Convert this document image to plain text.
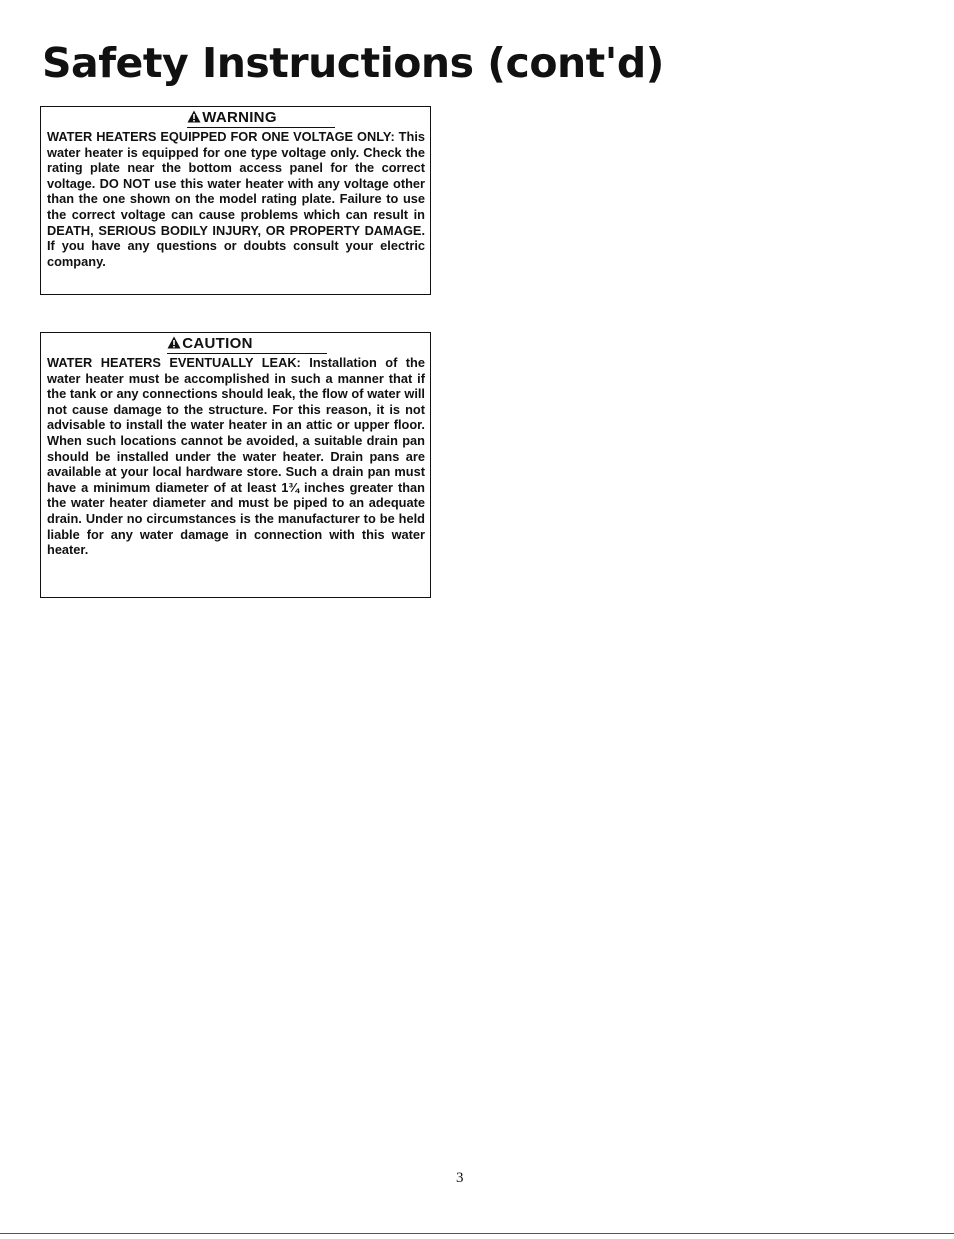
Safety Instructions (cont'd)
WARNING

WATER HEATERS EQUIPPED FOR ONE VOLTAGE ONLY: This water heater is equipped for one type voltage only. Check the rating plate near the bottom access panel for the correct voltage. DO NOT use this water heater with any voltage other than the one shown on the model rating plate. Failure to use the correct voltage can cause problems which can result in DEATH, SERIOUS BODILY INJURY, OR PROPERTY DAMAGE. If you have any questions or doubts consult your electric company.

CAUTION

WATER HEATERS EVENTUALLY LEAK: Installation of the water heater must be accomplished in such a manner that if the tank or any connections should leak, the flow of water will not cause damage to the structure. For this reason, it is not advisable to install the water heater in an attic or upper floor. When such locations cannot be avoided, a suitable drain pan should be installed under the water heater. Drain pans are available at your local hardware store. Such a drain pan must have a minimum diameter of at least 1¾ inches greater than the water heater diameter and must be piped to an adequate drain. Under no circumstances is the manufacturer to be held liable for any water damage in connection with this water heater.

3
